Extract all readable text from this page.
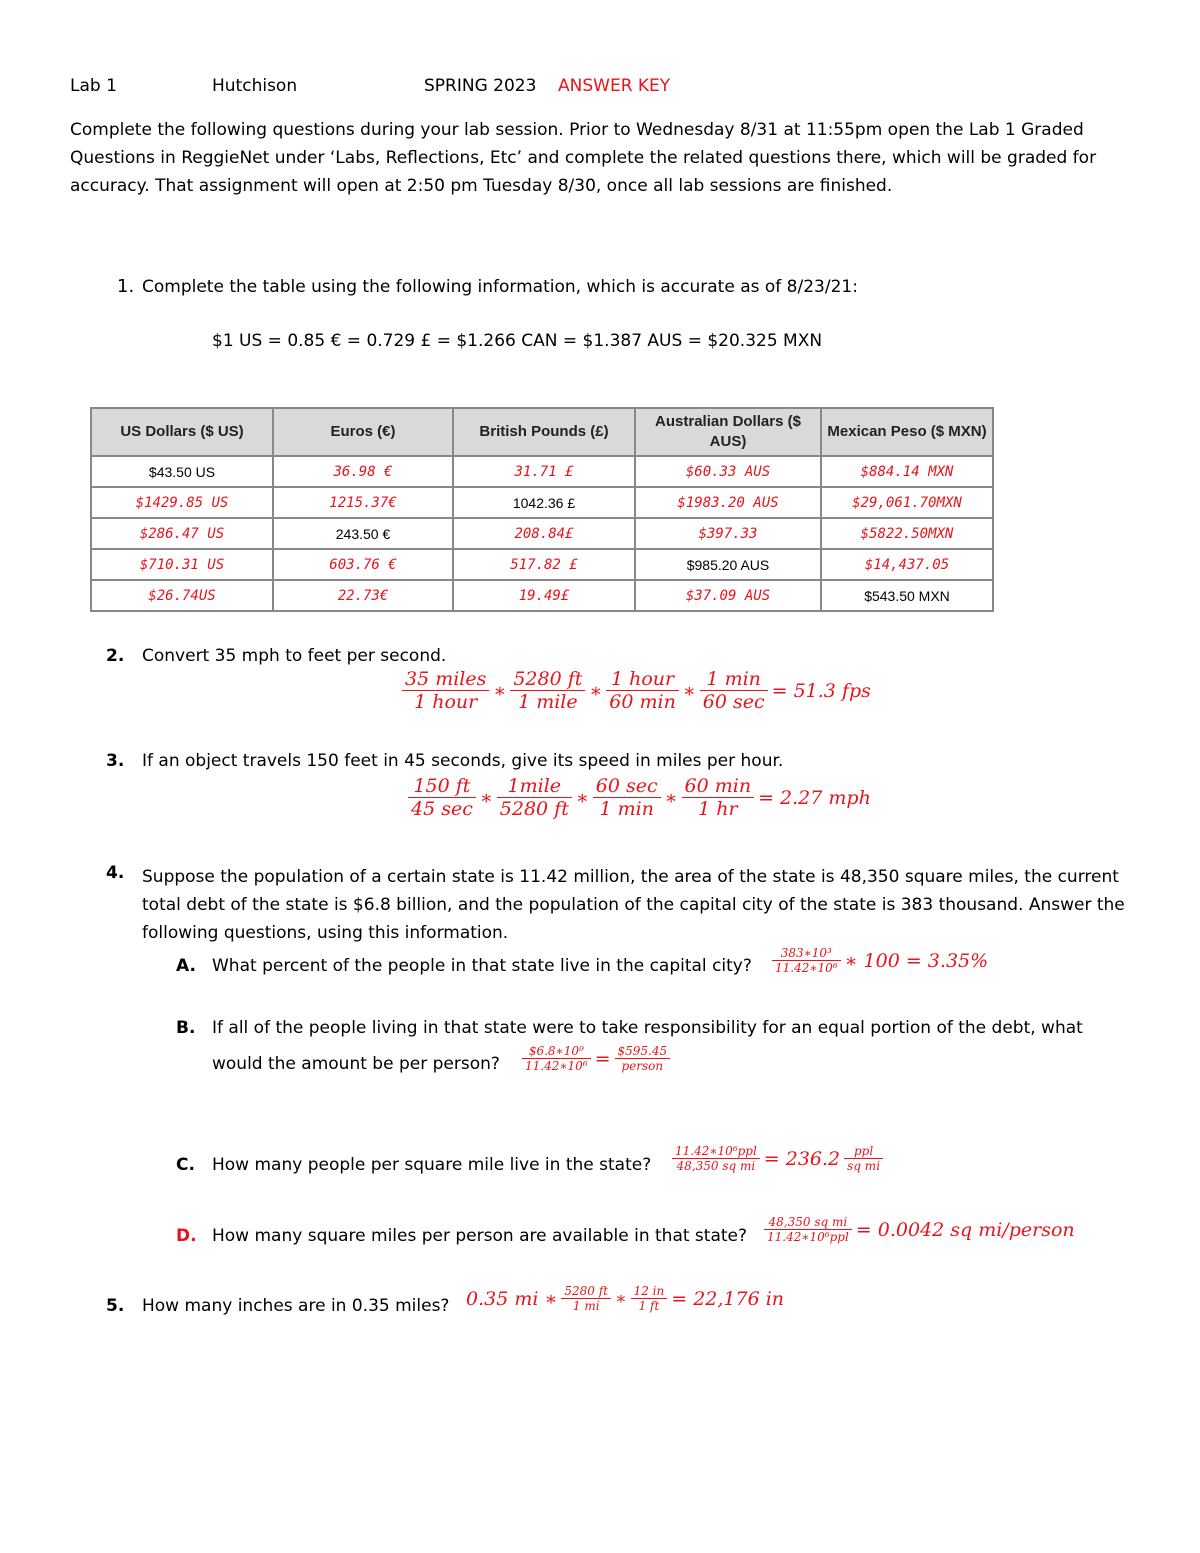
Lab 1	Hutchison	SPRING 2023 ANSWER KEY
Complete the following questions during your lab session. Prior to Wednesday 8/31 at 11:55pm open the Lab 1 Graded Questions in ReggieNet under ‘Labs, Reflections, Etc’ and complete the related questions there, which will be graded for accuracy. That assignment will open at 2:50 pm Tuesday 8/30, once all lab sessions are finished.
1. Complete the table using the following information, which is accurate as of 8/23/21:
$1 US = 0.85 € = 0.729 £ = $1.266 CAN = $1.387 AUS = $20.325 MXN
US Dollars ($ US)	Euros (€)	British Pounds (£)	Australian Dollars ($ AUS)	Mexican Peso ($ MXN)
$43.50 US	36.98 €	31.71 £	$60.33 AUS	$884.14 MXN
$1429.85 US	1215.37€	1042.36 £	$1983.20 AUS	$29,061.70MXN
$286.47 US	243.50 €	208.84£	$397.33	$5822.50MXN
$710.31 US	603.76 €	517.82 £	$985.20 AUS	$14,437.05
$26.74US	22.73€	19.49£	$37.09 AUS	$543.50 MXN
2. Convert 35 mph to feet per second.
$\frac{\text{35 miles}}{\text{1 hour}}$ ∗ $\frac{5280 ft}{\text{1 mile}}$ ∗ $\frac{\text{1 hour}}{60 \min}$ ∗ $\frac{1 \min}{60 \sec} = 51.3$ fps
3. If an object travels 150 feet in 45 seconds, give its speed in miles per hour.
$\frac{150 ft}{45 \sec}$ ∗ $\frac{\text{1mile}}{5280 ft}$ ∗ $\frac{60 \sec}{1 \min}$ ∗ $\frac{60 \min}{1 hr} = 2.27$ mph
4. Suppose the population of a certain state is 11.42 million, the area of the state is 48,350 square miles, the current total debt of the state is $6.8 billion, and the population of the capital city of the state is 383 thousand. Answer the following questions, using this information.
A. What percent of the people in that state live in the capital city? $\frac{\text{383∗10³}}{\text{11.42∗10⁶}}$ ∗ 100 = 3.35%
B. If all of the people living in that state were to take responsibility for an equal portion of the debt, what
would the amount be per person? $\frac{\text{\$6.8∗10⁹}}{\text{11.42∗10⁶}} = \frac{\$595.45}{\text{person}}$
C. How many people per square mile live in the state? $\frac{\text{11.42∗10⁶ppl}}{\text{48,350 sq mi}} = 236.2 \frac{\text{ppl}}{\text{sq mi}}$
D. How many square miles per person are available in that state? $\frac{\text{48,350 sq mi}}{\text{11.42∗10⁶ppl}} = 0.0042$ sq mi/person
5. How many inches are in 0.35 miles? 0.35 mi ∗ $\frac{5280 ft}{1 mi}$ ∗ $\frac{12 in}{1 ft} = 22,176$ in
